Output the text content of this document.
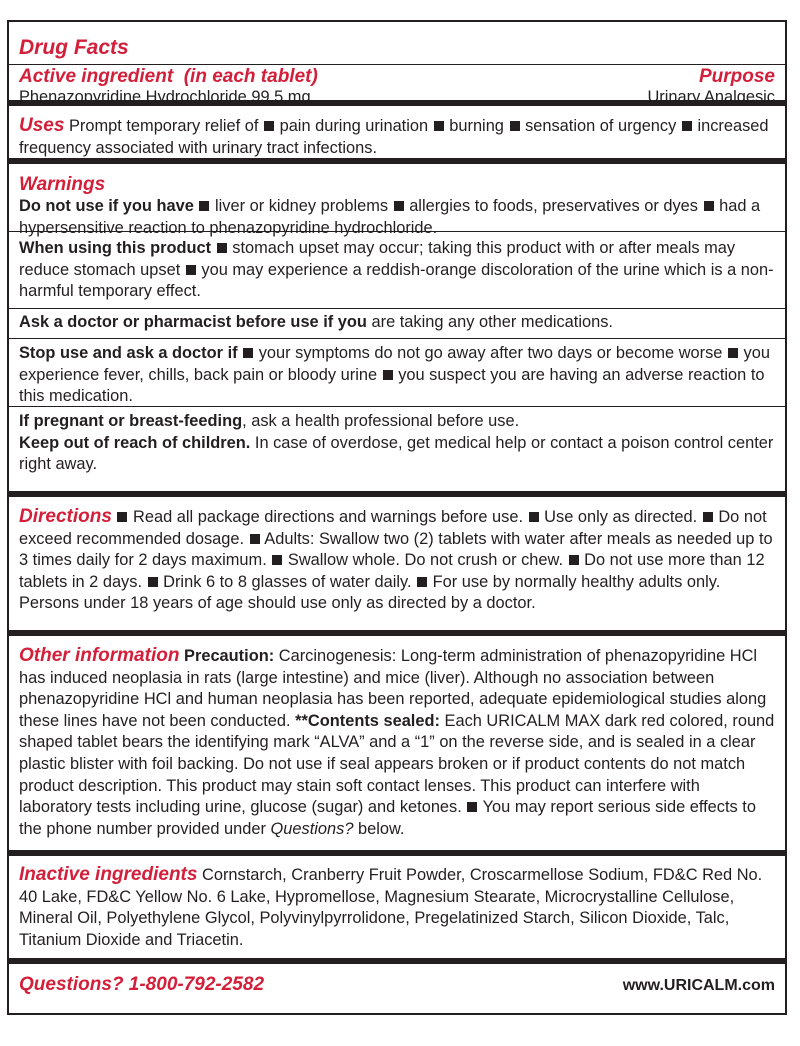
Drug Facts
Active ingredient (in each tablet)	Purpose
Phenazopyridine Hydrochloride 99.5 mg .....................................................................	Urinary Analgesic

Uses Prompt temporary relief of pain during urination burning sensation of urgency increased frequency associated with urinary tract infections.

Warnings

Do not use if you have liver or kidney problems allergies to foods, preservatives or dyes had a hypersensitive reaction to phenazopyridine hydrochloride.

When using this product stomach upset may occur; taking this product with or after meals may reduce stomach upset you may experience a reddish-orange discoloration of the urine which is a non-harmful temporary effect.

Ask a doctor or pharmacist before use if you are taking any other medications.

Stop use and ask a doctor if your symptoms do not go away after two days or become worse you experience fever, chills, back pain or bloody urine you suspect you are having an adverse reaction to this medication.

If pregnant or breast-feeding, ask a health professional before use.

Keep out of reach of children. In case of overdose, get medical help or contact a poison control center right away.

Directions Read all package directions and warnings before use. Use only as directed. Do not exceed recommended dosage. Adults: Swallow two (2) tablets with water after meals as needed up to 3 times daily for 2 days maximum. Swallow whole. Do not crush or chew. Do not use more than 12 tablets in 2 days. Drink 6 to 8 glasses of water daily. For use by normally healthy adults only. Persons under 18 years of age should use only as directed by a doctor.

Other information Precaution: Carcinogenesis: Long-term administration of phenazopyridine HCl has induced neoplasia in rats (large intestine) and mice (liver). Although no association between phenazopyridine HCl and human neoplasia has been reported, adequate epidemiological studies along these lines have not been conducted. **Contents sealed: Each URICALM MAX dark red colored, round shaped tablet bears the identifying mark “ALVA” and a “1” on the reverse side, and is sealed in a clear plastic blister with foil backing. Do not use if seal appears broken or if product contents do not match product description. This product may stain soft contact lenses. This product can interfere with laboratory tests including urine, glucose (sugar) and ketones. You may report serious side effects to the phone number provided under Questions? below.

Inactive ingredients Cornstarch, Cranberry Fruit Powder, Croscarmellose Sodium, FD&C Red No. 40 Lake, FD&C Yellow No. 6 Lake, Hypromellose, Magnesium Stearate, Microcrystalline Cellulose, Mineral Oil, Polyethylene Glycol, Polyvinylpyrrolidone, Pregelatinized Starch, Silicon Dioxide, Talc, Titanium Dioxide and Triacetin.

Questions? 1-800-792-2582	www.URICALM.com
